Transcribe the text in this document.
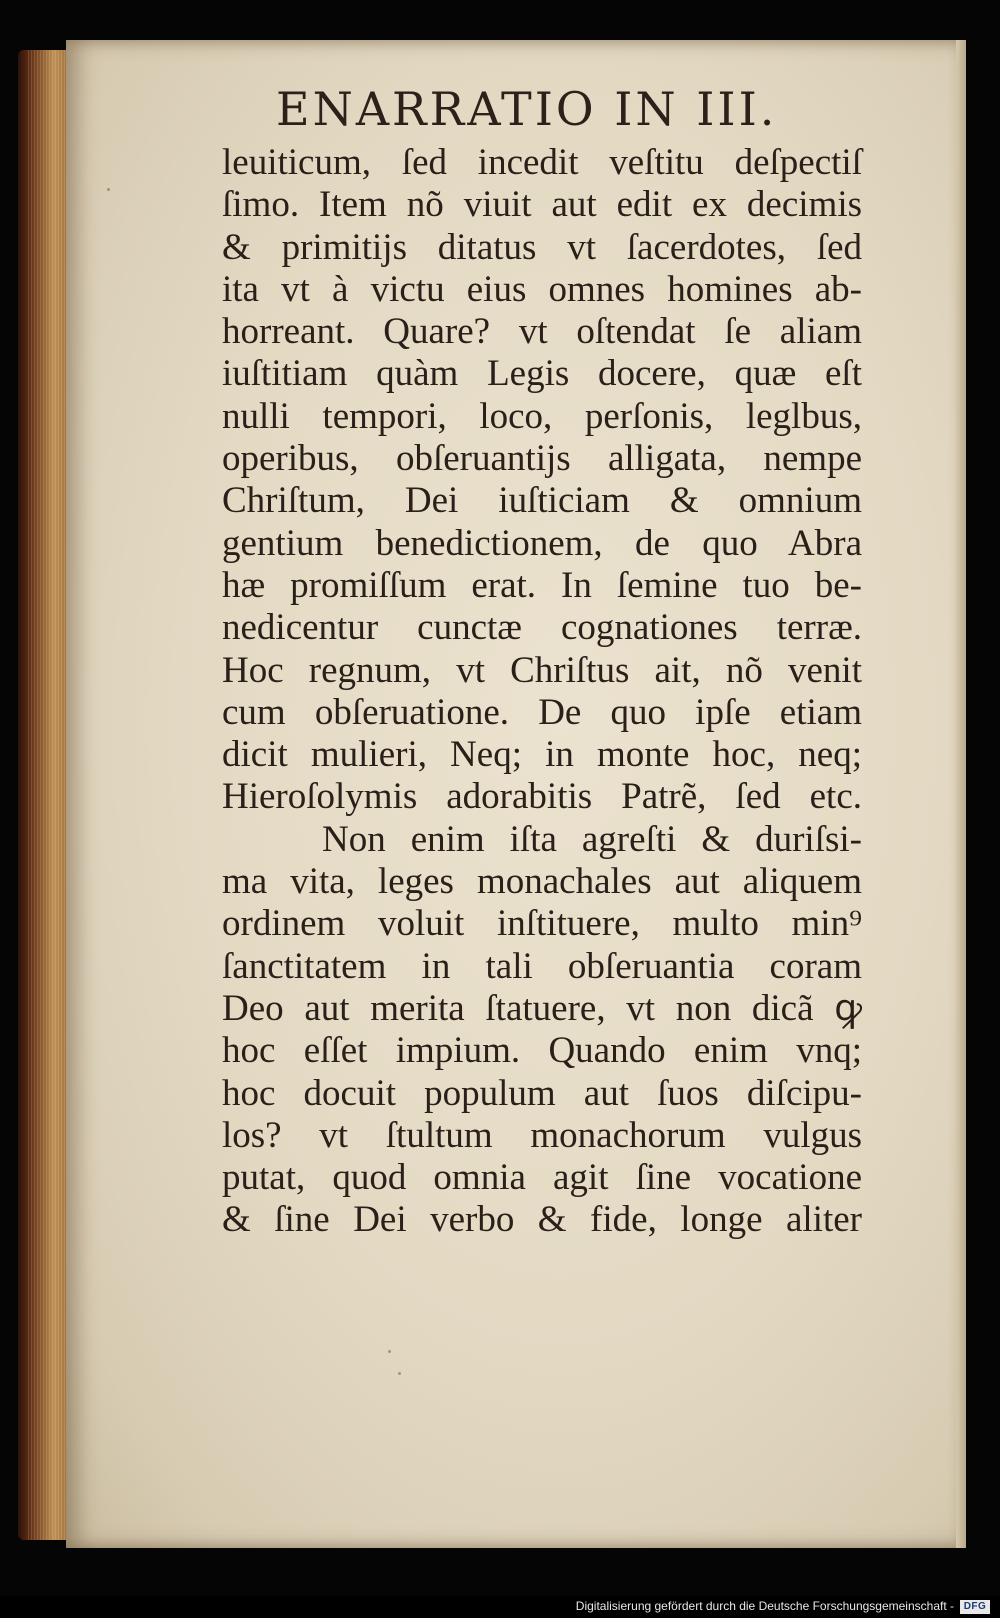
ENARRATIO IN III.
leuiticum, ſed incedit veſtitu deſpectiſ
ſimo. Item nõ viuit aut edit ex decimis
& primitijs ditatus vt ſacerdotes, ſed
ita vt à victu eius omnes homines ab-
horreant. Quare? vt oſtendat ſe aliam
iuſtitiam quàm Legis docere, quæ eſt
nulli tempori, loco, perſonis, leglbus,
operibus, obſeruantijs alligata, nempe
Chriſtum, Dei iuſticiam & omnium
gentium benedictionem, de quo Abra
hæ promiſſum erat. In ſemine tuo be-
nedicentur cunctæ cognationes terræ.
Hoc regnum, vt Chriſtus ait, nõ venit
cum obſeruatione. De quo ipſe etiam
dicit mulieri, Neq; in monte hoc, neq;
Hieroſolymis adorabitis Patrẽ, ſed etc.
Non enim iſta agreſti & duriſsi-
ma vita, leges monachales aut aliquem
ordinem voluit inſtituere, multo min⁹
ſanctitatem in tali obſeruantia coram
Deo aut merita ſtatuere, vt non dicã ꝙ
hoc eſſet impium. Quando enim vnq;
hoc docuit populum aut ſuos diſcipu-
los? vt ſtultum monachorum vulgus
putat, quod omnia agit ſine vocatione
& ſine Dei verbo & fide, longe aliter
Digitalisierung gefördert durch die Deutsche Forschungsgemeinschaft - DFG
